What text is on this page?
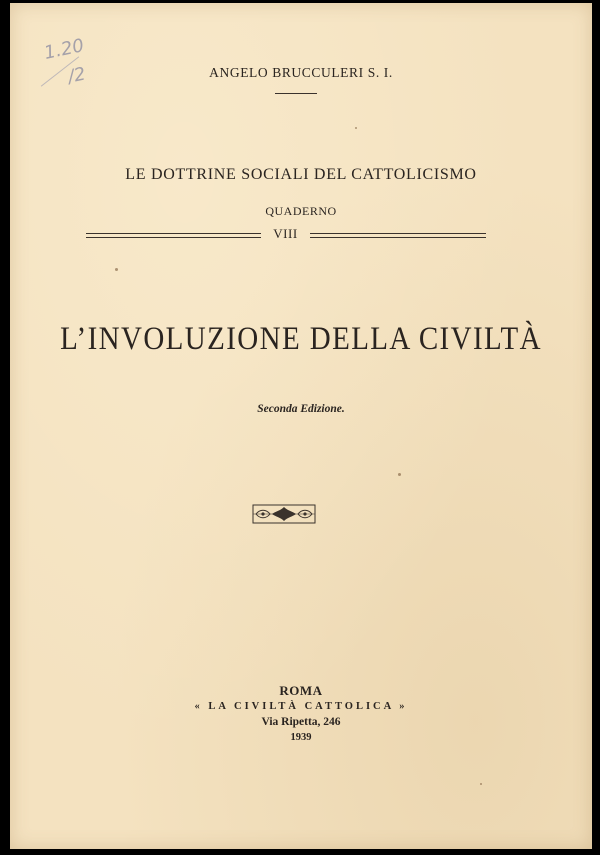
1.20
/2	ANGELO BRUCCULERI S. I.
LE DOTTRINE SOCIALI DEL CATTOLICISMO
QUADERNO
VIII
L’INVOLUZIONE DELLA CIVILTÀ
Seconda Edizione.
ROMA
« LA CIVILTÀ CATTOLICA »
Via Ripetta, 246
1939
